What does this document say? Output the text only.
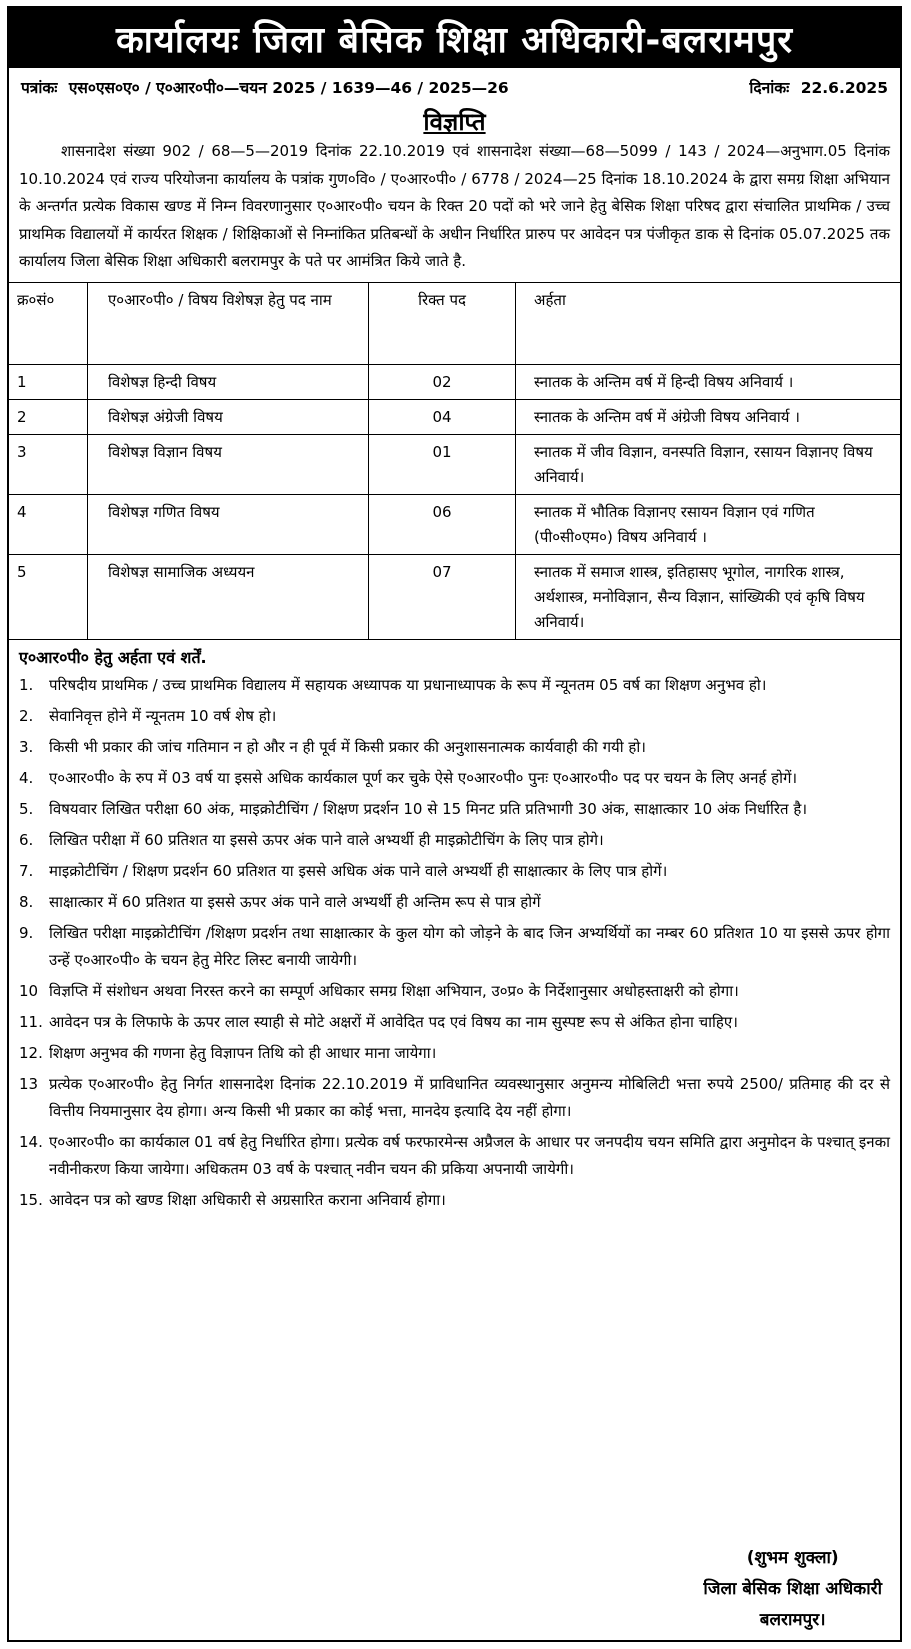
कार्यालयः जिला बेसिक शिक्षा अधिकारी-बलरामपुर
पत्रांकः एस०एस०ए० / ए०आर०पी०—चयन 2025 / 1639—46 / 2025—26	दिनांकः 22.6.2025
विज्ञप्ति
शासनादेश संख्या 902 / 68—5—2019 दिनांक 22.10.2019 एवं शासनादेश संख्या—68—5099 / 143 / 2024—अनुभाग.05 दिनांक 10.10.2024 एवं राज्य परियोजना कार्यालय के पत्रांक गुण०वि० / ए०आर०पी० / 6778 / 2024—25 दिनांक 18.10.2024 के द्वारा समग्र शिक्षा अभियान के अन्तर्गत प्रत्येक विकास खण्ड में निम्न विवरणानुसार ए०आर०पी० चयन के रिक्त 20 पदों को भरे जाने हेतु बेसिक शिक्षा परिषद द्वारा संचालित प्राथमिक / उच्च प्राथमिक विद्यालयों में कार्यरत शिक्षक / शिक्षिकाओं से निम्नांकित प्रतिबन्धों के अधीन निर्धारित प्रारुप पर आवेदन पत्र पंजीकृत डाक से दिनांक 05.07.2025 तक कार्यालय जिला बेसिक शिक्षा अधिकारी बलरामपुर के पते पर आमंत्रित किये जाते है.
क्र०सं०	ए०आर०पी० / विषय विशेषज्ञ हेतु पद नाम	रिक्त पद	अर्हता
1	विशेषज्ञ हिन्दी विषय	02	स्नातक के अन्तिम वर्ष में हिन्दी विषय अनिवार्य ।
2	विशेषज्ञ अंग्रेजी विषय	04	स्नातक के अन्तिम वर्ष में अंग्रेजी विषय अनिवार्य ।
3	विशेषज्ञ विज्ञान विषय	01	स्नातक में जीव विज्ञान, वनस्पति विज्ञान, रसायन विज्ञानए विषय अनिवार्य।
4	विशेषज्ञ गणित विषय	06	स्नातक में भौतिक विज्ञानए रसायन विज्ञान एवं गणित (पी०सी०एम०) विषय अनिवार्य ।
5	विशेषज्ञ सामाजिक अध्ययन	07	स्नातक में समाज शास्त्र, इतिहासए भूगोल, नागरिक शास्त्र, अर्थशास्त्र, मनोविज्ञान, सैन्य विज्ञान, सांख्यिकी एवं कृषि विषय अनिवार्य।
ए०आर०पी० हेतु अर्हता एवं शर्तें.
1.	परिषदीय प्राथमिक / उच्च प्राथमिक विद्यालय में सहायक अध्यापक या प्रधानाध्यापक के रूप में न्यूनतम 05 वर्ष का शिक्षण अनुभव हो।
2.	सेवानिवृत्त होने में न्यूनतम 10 वर्ष शेष हो।
3.	किसी भी प्रकार की जांच गतिमान न हो और न ही पूर्व में किसी प्रकार की अनुशासनात्मक कार्यवाही की गयी हो।
4.	ए०आर०पी० के रुप में 03 वर्ष या इससे अधिक कार्यकाल पूर्ण कर चुके ऐसे ए०आर०पी० पुनः ए०आर०पी० पद पर चयन के लिए अनर्ह होगें।
5.	विषयवार लिखित परीक्षा 60 अंक, माइक्रोटीचिंग / शिक्षण प्रदर्शन 10 से 15 मिनट प्रति प्रतिभागी 30 अंक, साक्षात्कार 10 अंक निर्धारित है।
6.	लिखित परीक्षा में 60 प्रतिशत या इससे ऊपर अंक पाने वाले अभ्यर्थी ही माइक्रोटीचिंग के लिए पात्र होगे।
7.	माइक्रोटीचिंग / शिक्षण प्रदर्शन 60 प्रतिशत या इससे अधिक अंक पाने वाले अभ्यर्थी ही साक्षात्कार के लिए पात्र होगें।
8.	साक्षात्कार में 60 प्रतिशत या इससे ऊपर अंक पाने वाले अभ्यर्थी ही अन्तिम रूप से पात्र होगें
9.	लिखित परीक्षा माइक्रोटीचिंग /शिक्षण प्रदर्शन तथा साक्षात्कार के कुल योग को जोड़ने के बाद जिन अभ्यर्थियों का नम्बर 60 प्रतिशत 10 या इससे ऊपर होगा उन्हें ए०आर०पी० के चयन हेतु मेरिट लिस्ट बनायी जायेगी।
10 विज्ञप्ति में संशोधन अथवा निरस्त करने का सम्पूर्ण अधिकार समग्र शिक्षा अभियान, उ०प्र० के निर्देशानुसार अधोहस्ताक्षरी को होगा।
11. आवेदन पत्र के लिफाफे के ऊपर लाल स्याही से मोटे अक्षरों में आवेदित पद एवं विषय का नाम सुस्पष्ट रूप से अंकित होना चाहिए।
12. शिक्षण अनुभव की गणना हेतु विज्ञापन तिथि को ही आधार माना जायेगा।
13 प्रत्येक ए०आर०पी० हेतु निर्गत शासनादेश दिनांक 22.10.2019 में प्राविधानित व्यवस्थानुसार अनुमन्य मोबिलिटी भत्ता रुपये 2500/ प्रतिमाह की दर से वित्तीय नियमानुसार देय होगा। अन्य किसी भी प्रकार का कोई भत्ता, मानदेय इत्यादि देय नहीं होगा।
14. ए०आर०पी० का कार्यकाल 01 वर्ष हेतु निर्धारित होगा। प्रत्येक वर्ष फरफारमेन्स अप्रैजल के आधार पर जनपदीय चयन समिति द्वारा अनुमोदन के पश्चात् इनका नवीनीकरण किया जायेगा। अधिकतम 03 वर्ष के पश्चात् नवीन चयन की प्रकिया अपनायी जायेगी।
15. आवेदन पत्र को खण्ड शिक्षा अधिकारी से अग्रसारित कराना अनिवार्य होगा।
(शुभम शुक्ला)
जिला बेसिक शिक्षा अधिकारी
बलरामपुर।
